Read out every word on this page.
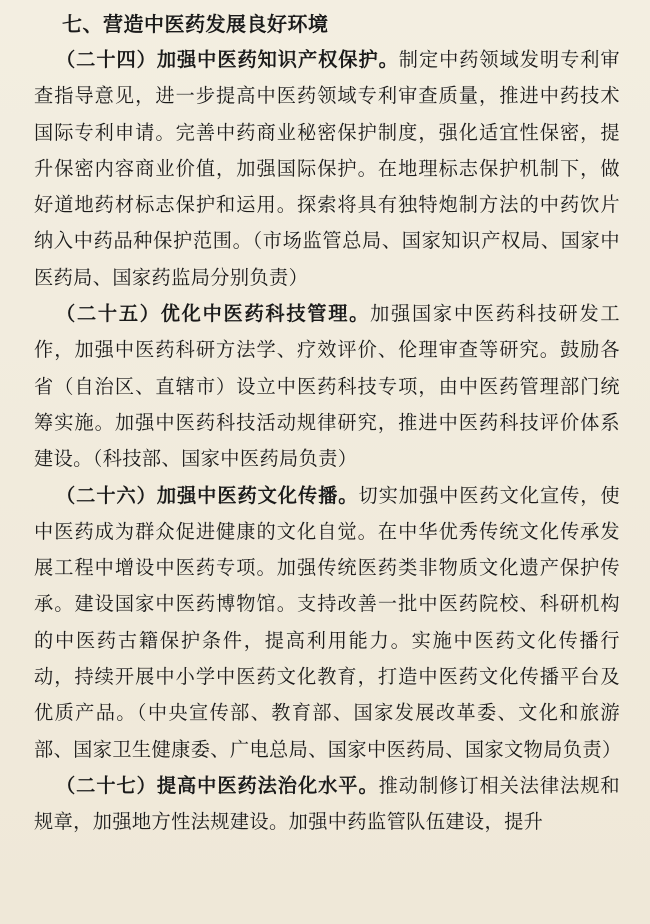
七、营造中医药发展良好环境

（二十四）加强中医药知识产权保护。制定中药领域发明专利审查指导意见，进一步提高中医药领域专利审查质量，推进中药技术国际专利申请。完善中药商业秘密保护制度，强化适宜性保密，提升保密内容商业价值，加强国际保护。在地理标志保护机制下，做好道地药材标志保护和运用。探索将具有独特炮制方法的中药饮片纳入中药品种保护范围。（市场监管总局、国家知识产权局、国家中医药局、国家药监局分别负责）

（二十五）优化中医药科技管理。加强国家中医药科技研发工作，加强中医药科研方法学、疗效评价、伦理审查等研究。鼓励各省（自治区、直辖市）设立中医药科技专项，由中医药管理部门统筹实施。加强中医药科技活动规律研究，推进中医药科技评价体系建设。（科技部、国家中医药局负责）

（二十六）加强中医药文化传播。切实加强中医药文化宣传，使中医药成为群众促进健康的文化自觉。在中华优秀传统文化传承发展工程中增设中医药专项。加强传统医药类非物质文化遗产保护传承。建设国家中医药博物馆。支持改善一批中医药院校、科研机构的中医药古籍保护条件，提高利用能力。实施中医药文化传播行动，持续开展中小学中医药文化教育，打造中医药文化传播平台及优质产品。（中央宣传部、教育部、国家发展改革委、文化和旅游部、国家卫生健康委、广电总局、国家中医药局、国家文物局负责）

（二十七）提高中医药法治化水平。推动制修订相关法律法规和规章，加强地方性法规建设。加强中药监管队伍建设，提升
